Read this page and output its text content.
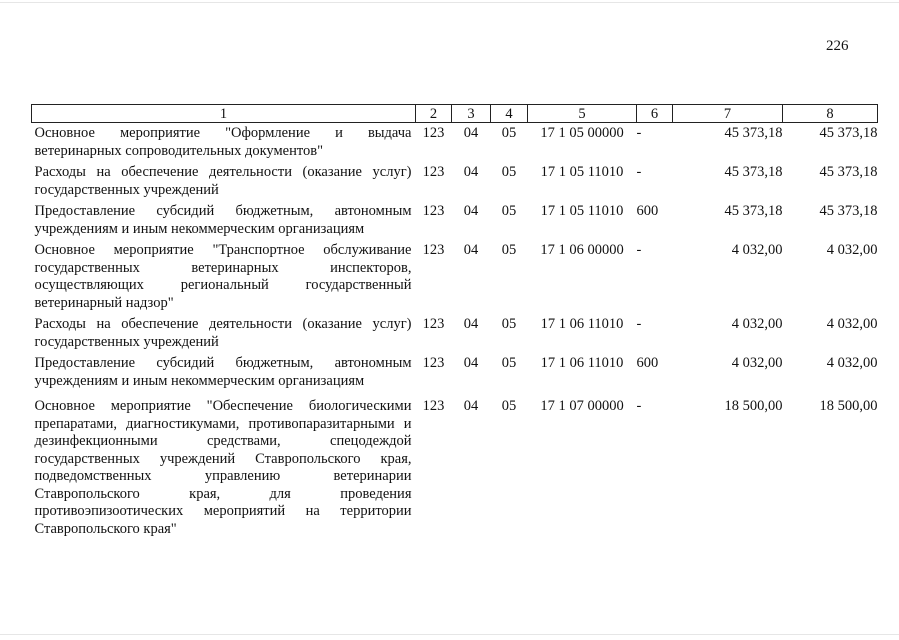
226
1	2	3	4	5	6	7	8
Основное мероприятие "Оформление и выдача ветеринарных сопроводительных документов"	123	04	05	17 1 05 00000	-	45 373,18	45 373,18
Расходы на обеспечение деятельности (оказание услуг) государственных учреждений	123	04	05	17 1 05 11010	-	45 373,18	45 373,18
Предоставление субсидий бюджетным, автономным учреждениям и иным некоммерческим организациям	123	04	05	17 1 05 11010	600	45 373,18	45 373,18
Основное мероприятие "Транспортное обслуживание государственных ветеринарных инспекторов, осуществляющих региональный государственный ветеринарный надзор"	123	04	05	17 1 06 00000	-	4 032,00	4 032,00
Расходы на обеспечение деятельности (оказание услуг) государственных учреждений	123	04	05	17 1 06 11010	-	4 032,00	4 032,00
Предоставление субсидий бюджетным, автономным учреждениям и иным некоммерческим организациям	123	04	05	17 1 06 11010	600	4 032,00	4 032,00
Основное мероприятие "Обеспечение биологическими препаратами, диагностикумами, противопаразитарными и дезинфекционными средствами, спецодеждой государственных учреждений Ставропольского края, подведомственных управлению ветеринарии Ставропольского края, для проведения противоэпизоотических мероприятий на территории Ставропольского края"	123	04	05	17 1 07 00000	-	18 500,00	18 500,00
